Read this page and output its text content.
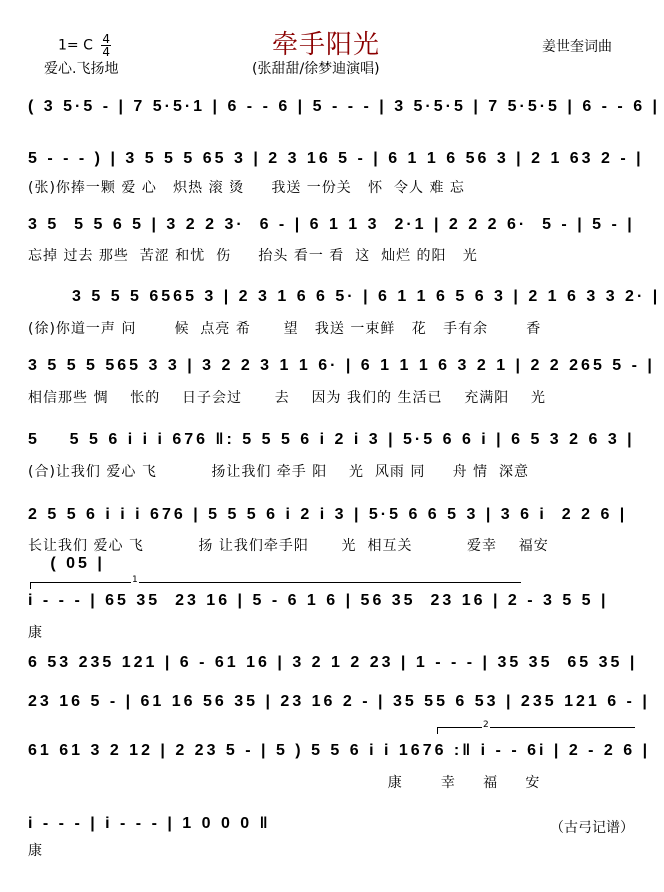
1= C $\frac{4}{4}$
爱心.飞扬地
牵手阳光
(张甜甜/徐梦迪演唱)
姜世奎词曲
( 3 5·5 - | 7 5·5·1 | 6 - - 6 | 5 - - - | 3 5·5·5 | 7 5·5·5 | 6 - - 6 |
5 - - - ) | 3 5 5 5 65 3 | 2 3 16 5 - | 6 1 1 6 56 3 | 2 1 63 2 - |
(张)你捧一颗 爱 心   炽热 滚 烫     我送 一份关   怀  令人 难 忘
3 5  5 5 6 5 | 3 2 2 3·  6 - | 6 1 1 3  2·1 | 2 2 2 6·  5 - | 5 - |
忘掉 过去 那些  苦涩 和忧  伤     抬头 看一 看  这  灿烂 的阳   光
3 5 5 5 6565 3 | 2 3 1 6 6 5· | 6 1 1 6 5 6 3 | 2 1 6 3 3 2· |
(徐)你道一声 问       候  点亮 希      望   我送 一束鲜   花   手有余       香
3 5 5 5 565 3 3 | 3 2 2 3 1 1 6· | 6 1 1 1 6 3 2 1 | 2 2 265 5 - |
相信那些 惆    怅的    日子会过      去    因为 我们的 生活已    充满阳    光
5    5 5 6 i i i 676 ‖: 5 5 5 6 i 2 i 3 | 5·5 6 6 i | 6 5 3 2 6 3 |
(合)让我们 爱心 飞          扬让我们 牵手 阳    光  风雨 同     舟 情  深意
2 5 5 6 i i i 676 | 5 5 5 6 i 2 i 3 | 5·5 6 6 5 3 | 3 6 i  2 2 6 |
长让我们 爱心 飞          扬 让我们牵手阳      光  相互关          爱幸    福安
( 05 |
1
i - - - | 65 35  23 16 | 5 - 6 1 6 | 56 35  23 16 | 2 - 3 5 5 |
康
6 53 235 121 | 6 - 61 16 | 3 2 1 2 23 | 1 - - - | 35 35  65 35 |
23 16 5 - | 61 16 56 35 | 23 16 2 - | 35 55 6 53 | 235 121 6 - |
2
61 61 3 2 12 | 2 23 5 - | 5 ) 5 5 6 i i 1676 :‖ i - - 6i | 2 - 2 6 |
康       幸     福     安
i - - - | i - - - | 1 0 0 0 ‖
康
（古弓记谱）
